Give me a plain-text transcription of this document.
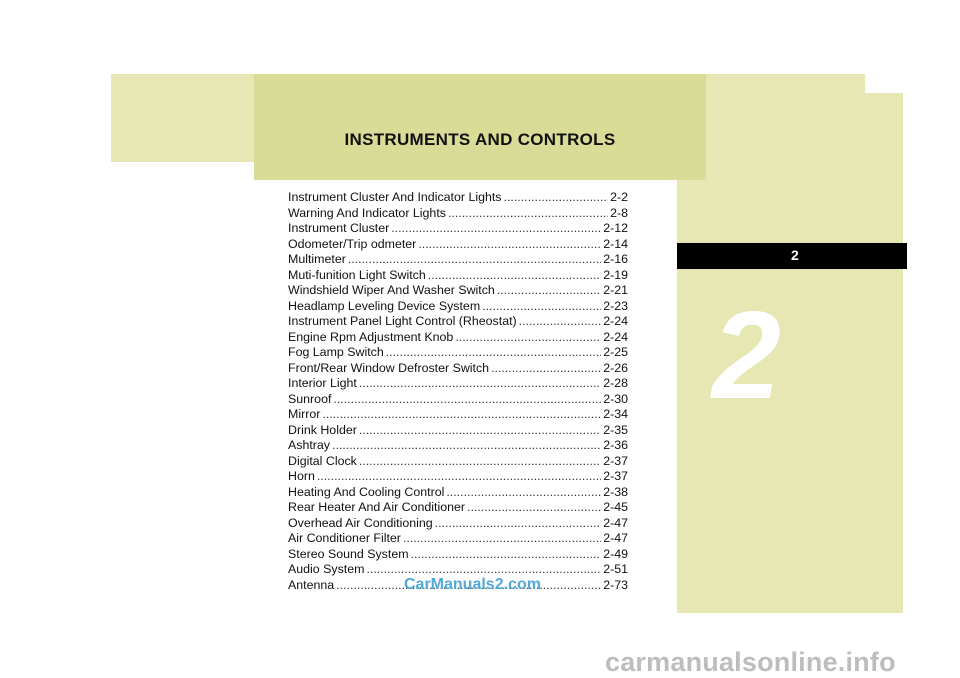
INSTRUMENTS AND CONTROLS
2
2
Instrument Cluster And Indicator Lights .....	2-2
Warning And Indicator Lights .....	2-8
Instrument Cluster .....	2-12
Odometer/Trip odmeter .....	2-14
Multimeter .....	2-16
Muti-funition Light Switch .....	2-19
Windshield Wiper And Washer Switch .....	2-21
Headlamp Leveling Device System .....	2-23
Instrument Panel Light Control (Rheostat) .....	2-24
Engine Rpm Adjustment Knob .....	2-24
Fog Lamp Switch .....	2-25
Front/Rear Window Defroster Switch .....	2-26
Interior Light .....	2-28
Sunroof .....	2-30
Mirror .....	2-34
Drink Holder .....	2-35
Ashtray .....	2-36
Digital Clock .....	2-37
Horn .....	2-37
Heating And Cooling Control .....	2-38
Rear Heater And Air Conditioner .....	2-45
Overhead Air Conditioning .....	2-47
Air Conditioner Filter .....	2-47
Stereo Sound System .....	2-49
Audio System .....	2-51
Antenna .....	2-73
CarManuals2.com
carmanualsonline.info
